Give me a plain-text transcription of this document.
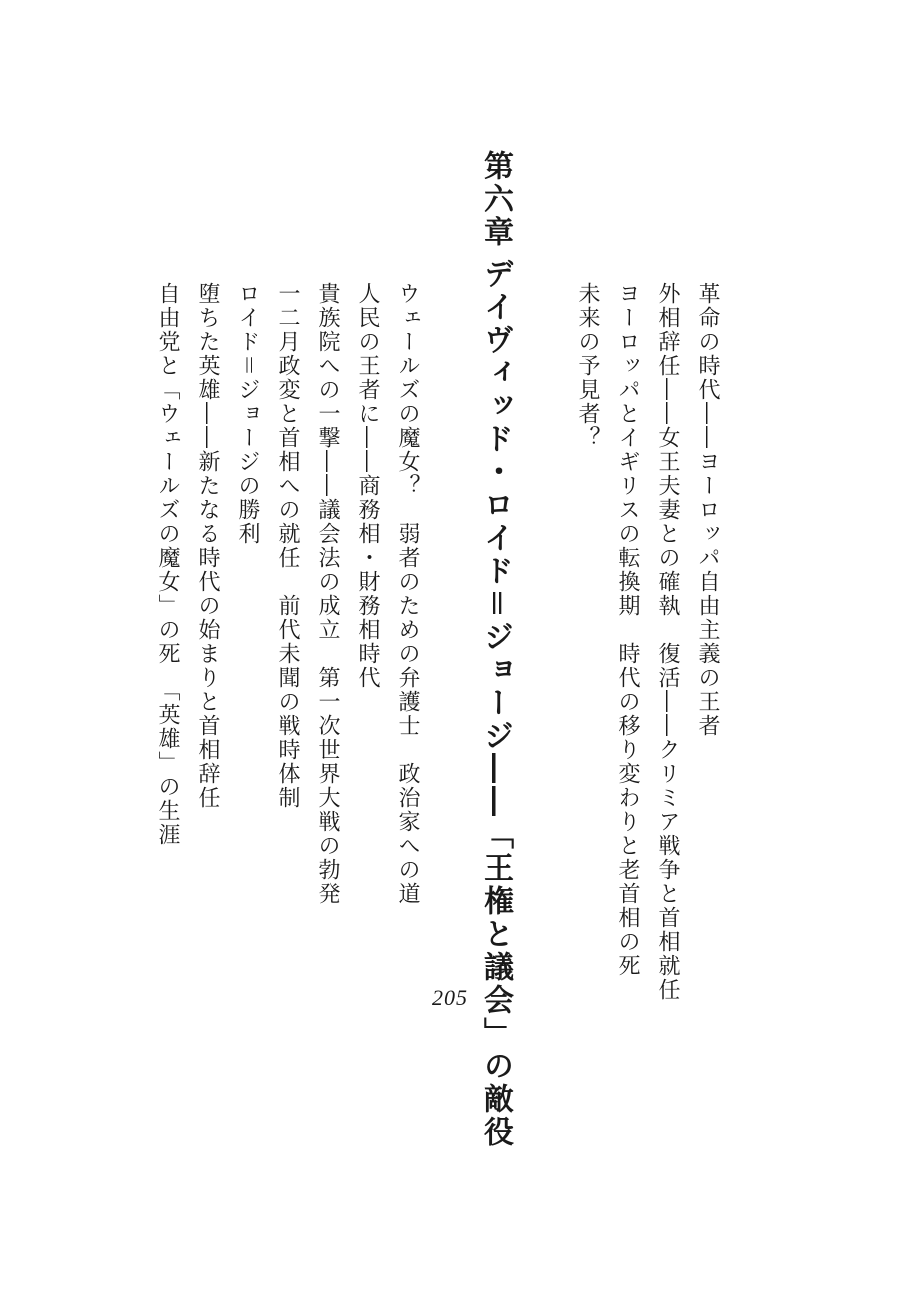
革命の時代――ヨーロッパ自由主義の王者
外相辞任――女王夫妻との確執　復活――クリミア戦争と首相就任
ヨーロッパとイギリスの転換期　時代の移り変わりと老首相の死
未来の予見者？
第六章
デイヴィッド・ロイド＝ジョージ――「王権と議会」の敵役
ウェールズの魔女？　弱者のための弁護士　政治家への道
人民の王者に――商務相・財務相時代
貴族院への一撃――議会法の成立　第一次世界大戦の勃発
一二月政変と首相への就任　前代未聞の戦時体制
ロイド＝ジョージの勝利
堕ちた英雄――新たなる時代の始まりと首相辞任
自由党と「ウェールズの魔女」の死　「英雄」の生涯
205
